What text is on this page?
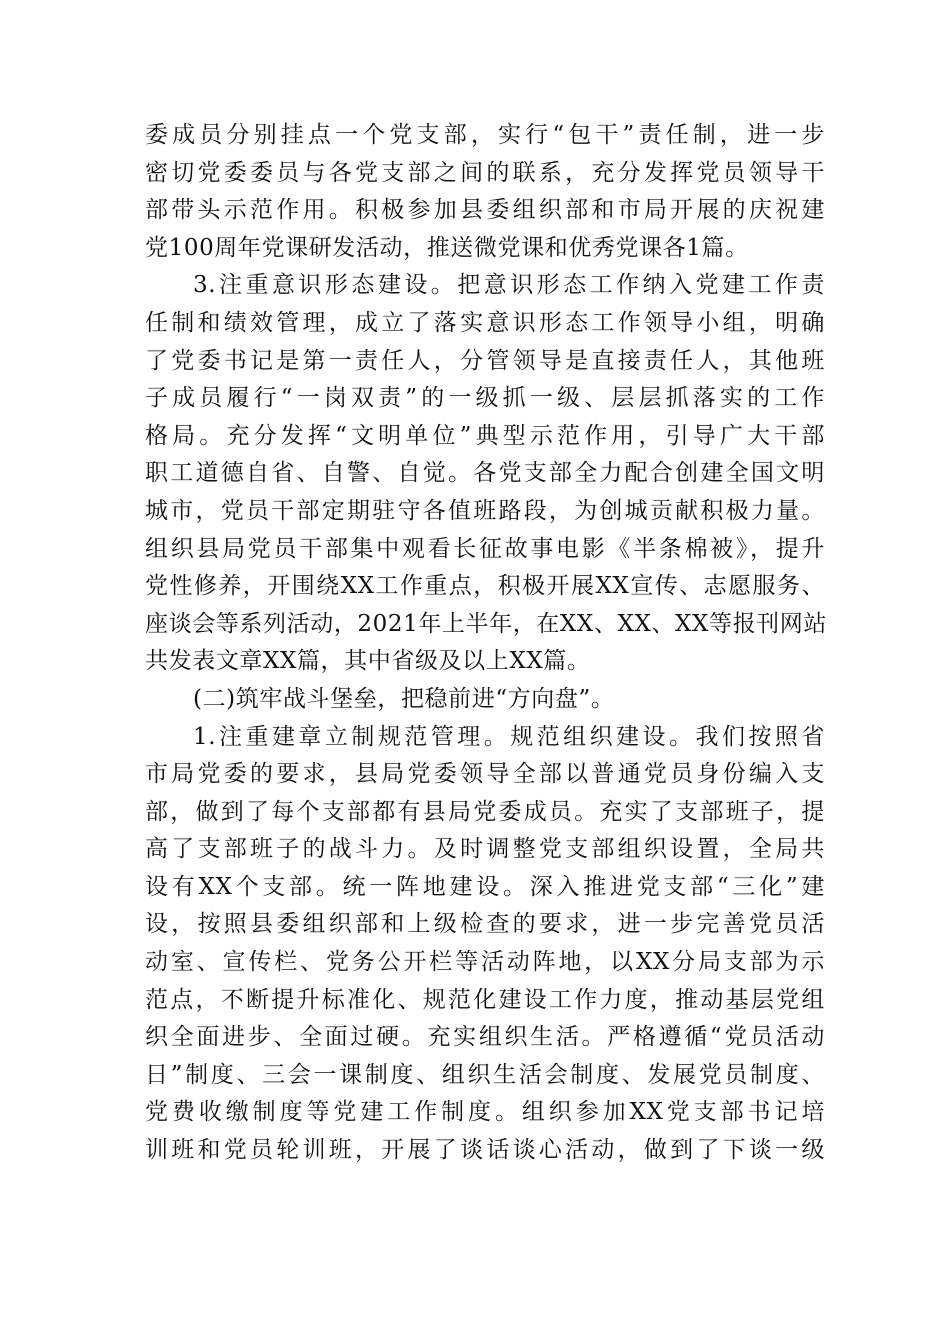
委成员分别挂点一个党支部，实行“包干”责任制，进一步
密切党委委员与各党支部之间的联系，充分发挥党员领导干
部带头示范作用。积极参加县委组织部和市局开展的庆祝建
党100周年党课研发活动，推送微党课和优秀党课各1篇。
3.注重意识形态建设。把意识形态工作纳入党建工作责
任制和绩效管理，成立了落实意识形态工作领导小组，明确
了党委书记是第一责任人，分管领导是直接责任人，其他班
子成员履行“一岗双责”的一级抓一级、层层抓落实的工作
格局。充分发挥“文明单位”典型示范作用，引导广大干部
职工道德自省、自警、自觉。各党支部全力配合创建全国文明
城市，党员干部定期驻守各值班路段，为创城贡献积极力量。
组织县局党员干部集中观看长征故事电影《半条棉被》，提升
党性修养，开围绕XX工作重点，积极开展XX宣传、志愿服务、
座谈会等系列活动，2021年上半年，在XX、XX、XX等报刊网站
共发表文章XX篇，其中省级及以上XX篇。
(二)筑牢战斗堡垒，把稳前进“方向盘”。
1.注重建章立制规范管理。规范组织建设。我们按照省
市局党委的要求，县局党委领导全部以普通党员身份编入支
部，做到了每个支部都有县局党委成员。充实了支部班子，提
高了支部班子的战斗力。及时调整党支部组织设置，全局共
设有XX个支部。统一阵地建设。深入推进党支部“三化”建
设，按照县委组织部和上级检查的要求，进一步完善党员活
动室、宣传栏、党务公开栏等活动阵地，以XX分局支部为示
范点，不断提升标准化、规范化建设工作力度，推动基层党组
织全面进步、全面过硬。充实组织生活。严格遵循“党员活动
日”制度、三会一课制度、组织生活会制度、发展党员制度、
党费收缴制度等党建工作制度。组织参加XX党支部书记培
训班和党员轮训班，开展了谈话谈心活动，做到了下谈一级
